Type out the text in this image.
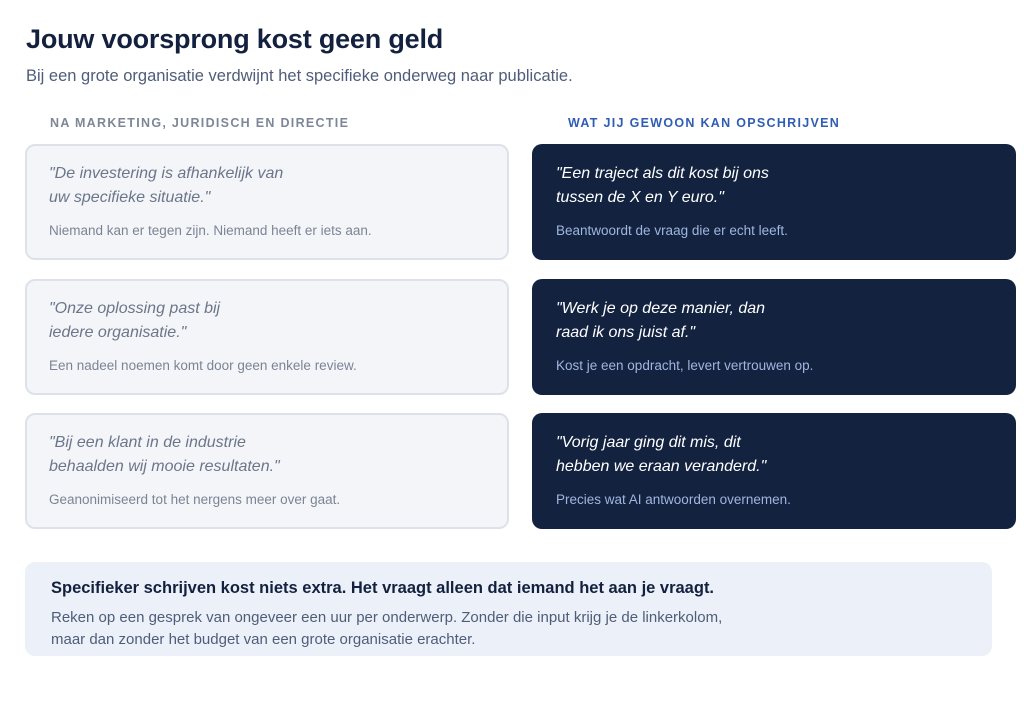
Jouw voorsprong kost geen geld

Bij een grote organisatie verdwijnt het specifieke onderweg naar publicatie.

NA MARKETING, JURIDISCH EN DIRECTIE	WAT JIJ GEWOON KAN OPSCHRIJVEN
"De investering is afhankelijk van
uw specifieke situatie."
Niemand kan er tegen zijn. Niemand heeft er iets aan.
"Een traject als dit kost bij ons
tussen de X en Y euro."
Beantwoordt de vraag die er echt leeft.
"Onze oplossing past bij
iedere organisatie."
Een nadeel noemen komt door geen enkele review.
"Werk je op deze manier, dan
raad ik ons juist af."
Kost je een opdracht, levert vertrouwen op.
"Bij een klant in de industrie
behaalden wij mooie resultaten."
Geanonimiseerd tot het nergens meer over gaat.
"Vorig jaar ging dit mis, dit
hebben we eraan veranderd."
Precies wat AI antwoorden overnemen.
Specifieker schrijven kost niets extra. Het vraagt alleen dat iemand het aan je vraagt.
Reken op een gesprek van ongeveer een uur per onderwerp. Zonder die input krijg je de linkerkolom,
maar dan zonder het budget van een grote organisatie erachter.
